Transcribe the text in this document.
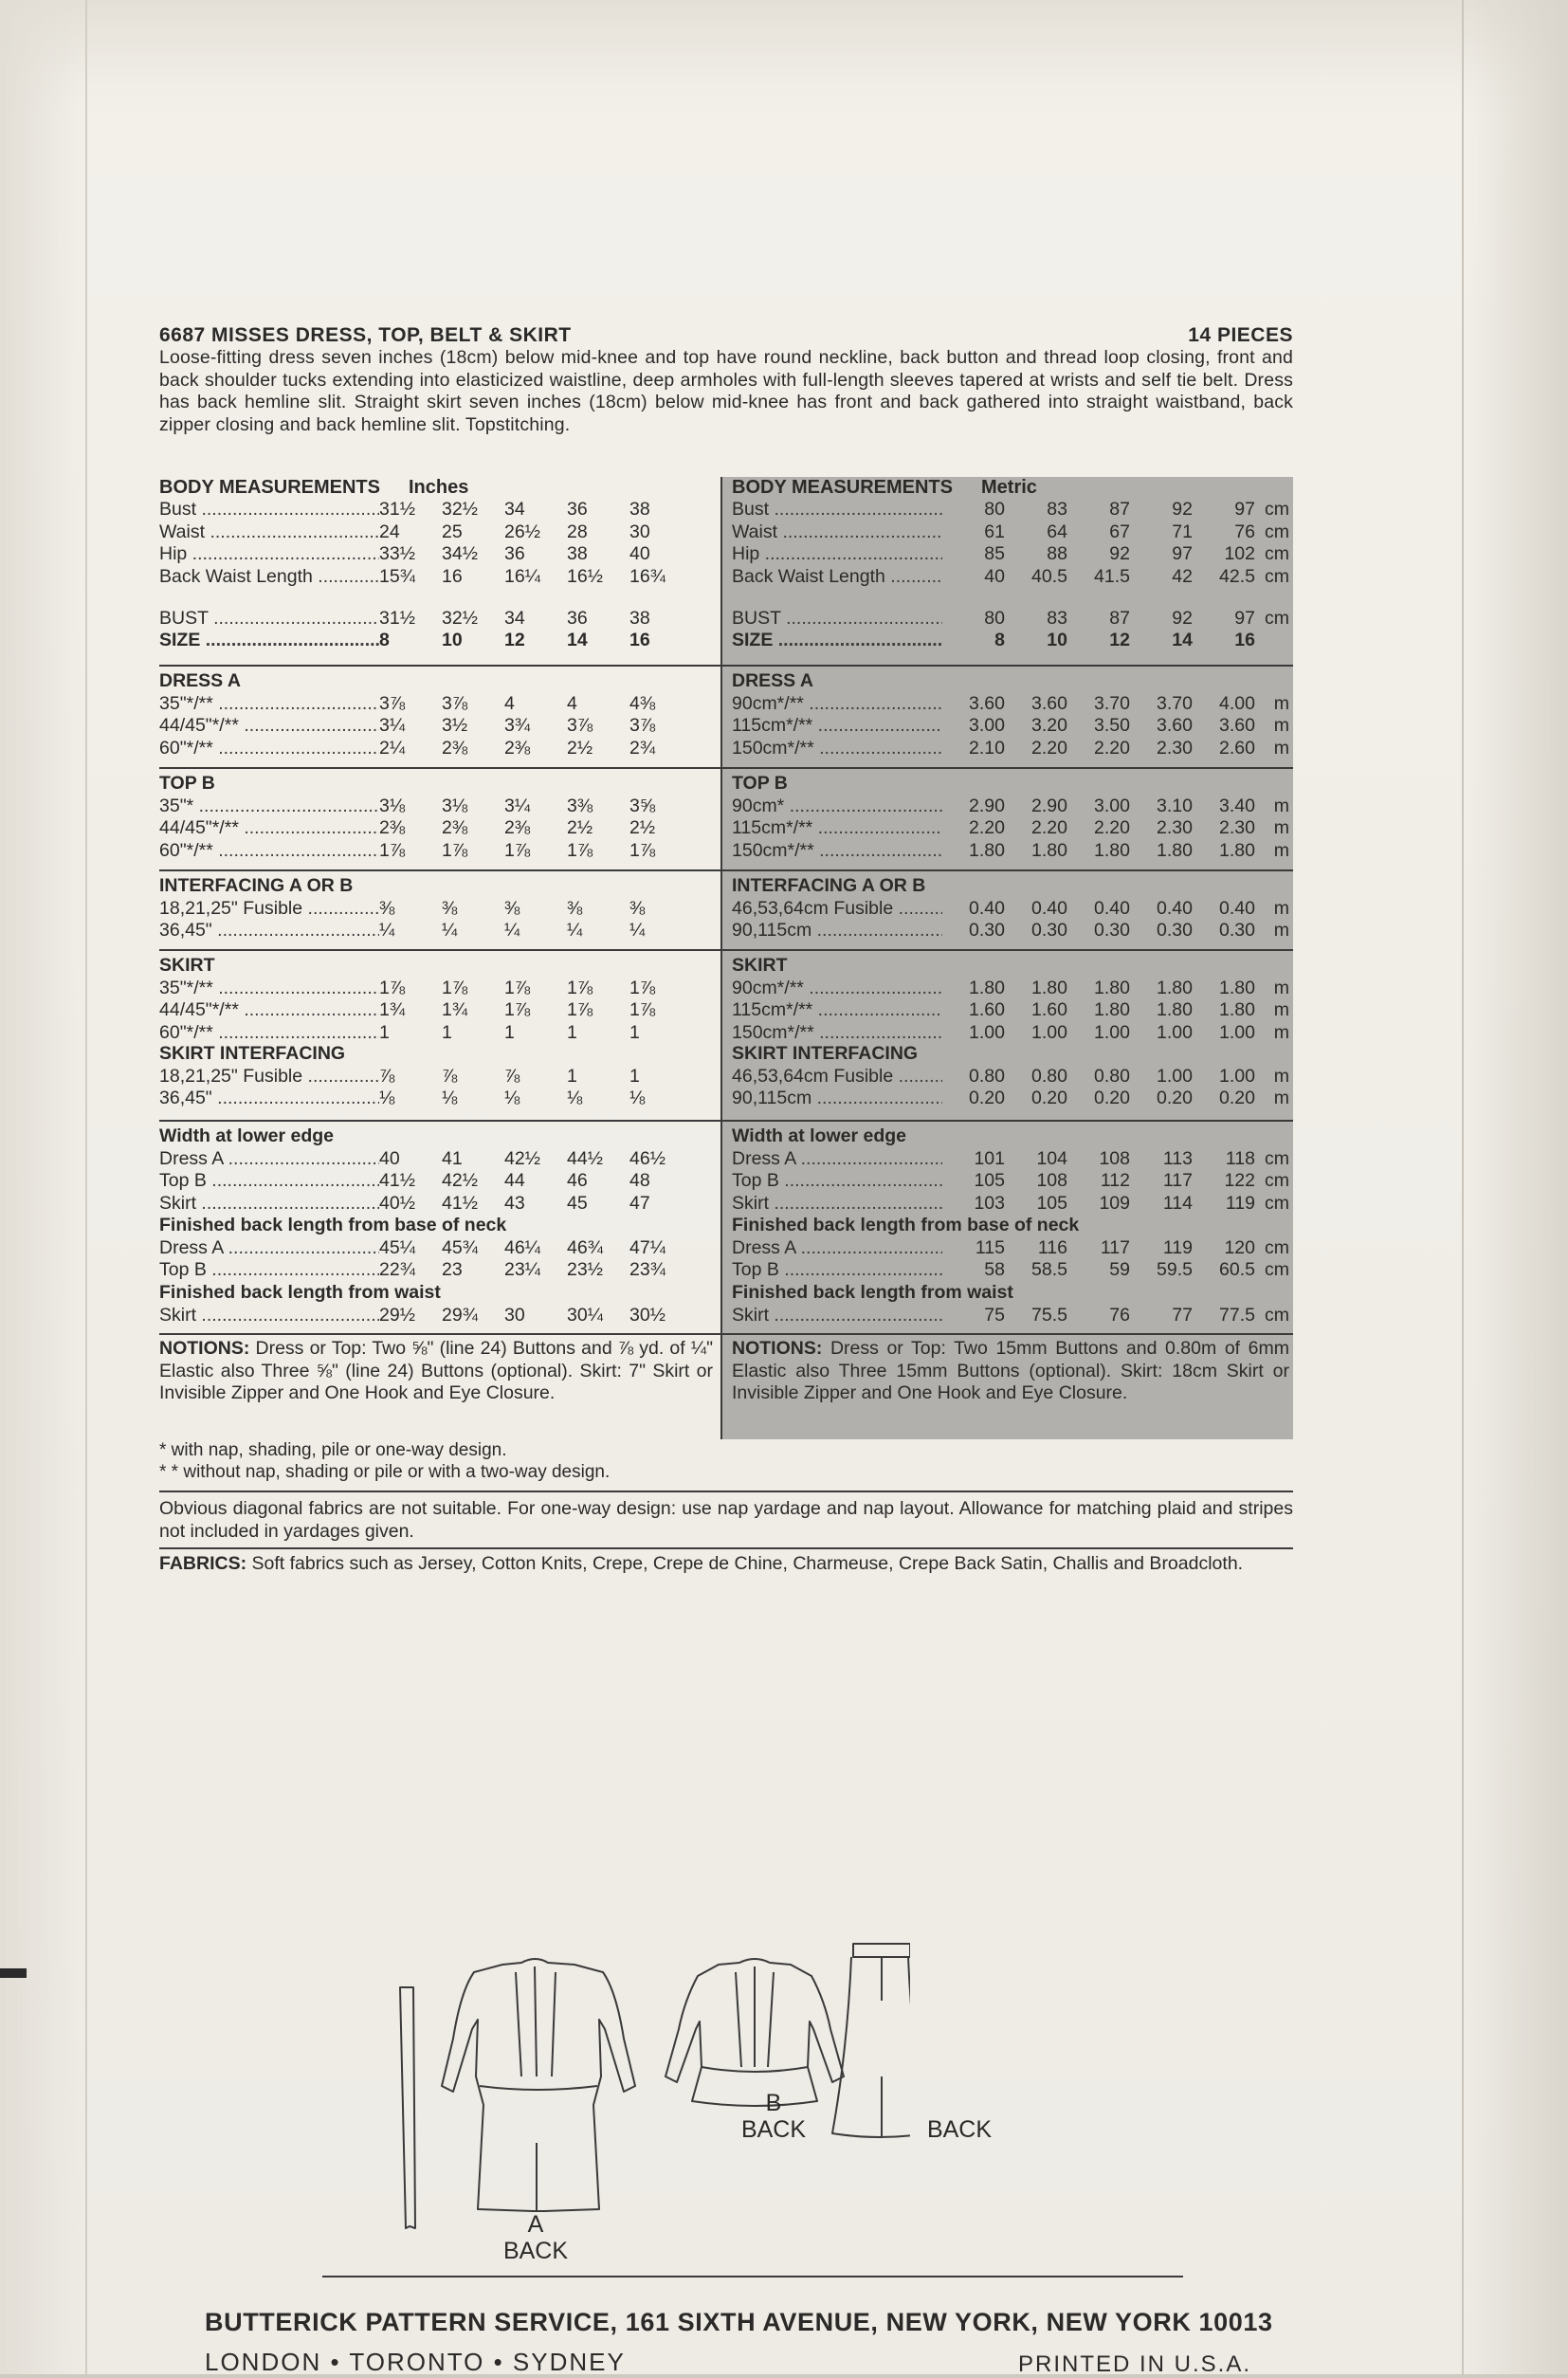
6687 MISSES DRESS, TOP, BELT & SKIRT	14 PIECES
Loose-fitting dress seven inches (18cm) below mid-knee and top have round neckline, back button and thread loop closing, front and back shoulder tucks extending into elasticized waistline, deep armholes with full-length sleeves tapered at wrists and self tie belt. Dress has back hemline slit. Straight skirt seven inches (18cm) below mid-knee has front and back gathered into straight waistband, back zipper closing and back hemline slit. Topstitching.
BODY MEASUREMENTS Inches
Bust .....	31½	32½	34	36	38
Waist .....	24	25	26½	28	30
Hip .....	33½	34½	36	38	40
Back Waist Length .....	15¾	16	16¼	16½	16¾
BUST .....	31½	32½	34	36	38
SIZE .....	8	10	12	14	16
DRESS A
35"*/** .....	3⅞	3⅞	4	4	4⅜
44/45"*/** .....	3¼	3½	3¾	3⅞	3⅞
60"*/** .....	2¼	2⅜	2⅜	2½	2¾
TOP B
35"* .....	3⅛	3⅛	3¼	3⅜	3⅝
44/45"*/** .....	2⅜	2⅜	2⅜	2½	2½
60"*/** .....	1⅞	1⅞	1⅞	1⅞	1⅞
INTERFACING A OR B
18,21,25" Fusible .....	⅜	⅜	⅜	⅜	⅜
36,45" .....	¼	¼	¼	¼	¼
SKIRT
35"*/** .....	1⅞	1⅞	1⅞	1⅞	1⅞
44/45"*/** .....	1¾	1¾	1⅞	1⅞	1⅞
60"*/** .....	1	1	1	1	1
SKIRT INTERFACING
18,21,25" Fusible .....	⅞	⅞	⅞	1	1
36,45" .....	⅛	⅛	⅛	⅛	⅛
Width at lower edge
Dress A .....	40	41	42½	44½	46½
Top B .....	41½	42½	44	46	48
Skirt .....	40½	41½	43	45	47
Finished back length from base of neck
Dress A .....	45¼	45¾	46¼	46¾	47¼
Top B .....	22¾	23	23¼	23½	23¾
Finished back length from waist
Skirt .....	29½	29¾	30	30¼	30½
BODY MEASUREMENTS Metric
Bust .....	80	83	87	92	97 cm
Waist .....	61	64	67	71	76 cm
Hip .....	85	88	92	97	102 cm
Back Waist Length .....	40	40.5	41.5	42	42.5 cm
BUST .....	80	83	87	92	97 cm
SIZE .....	8	10	12	14	16
DRESS A
90cm*/** .....	3.60	3.60	3.70	3.70	4.00	m
115cm*/** .....	3.00	3.20	3.50	3.60	3.60	m
150cm*/** .....	2.10	2.20	2.20	2.30	2.60	m
TOP B
90cm* .....	2.90	2.90	3.00	3.10	3.40	m
115cm*/** .....	2.20	2.20	2.20	2.30	2.30	m
150cm*/** .....	1.80	1.80	1.80	1.80	1.80	m
INTERFACING A OR B
46,53,64cm Fusible .....	0.40	0.40	0.40	0.40	0.40	m
90,115cm .....	0.30	0.30	0.30	0.30	0.30	m
SKIRT
90cm*/** .....	1.80	1.80	1.80	1.80	1.80	m
115cm*/** .....	1.60	1.60	1.80	1.80	1.80	m
150cm*/** .....	1.00	1.00	1.00	1.00	1.00	m
SKIRT INTERFACING
46,53,64cm Fusible .....	0.80	0.80	0.80	1.00	1.00	m
90,115cm .....	0.20	0.20	0.20	0.20	0.20	m
Width at lower edge
Dress A .....	101	104	108	113	118 cm
Top B .....	105	108	112	117	122 cm
Skirt .....	103	105	109	114	119 cm
Finished back length from base of neck
Dress A .....	115	116	117	119	120 cm
Top B .....	58	58.5	59	59.5	60.5 cm
Finished back length from waist
Skirt .....	75	75.5	76	77	77.5 cm
NOTIONS: Dress or Top: Two ⅝" (line 24) Buttons and ⅞ yd. of ¼" Elastic also Three ⅝" (line 24) Buttons (optional). Skirt: 7" Skirt or Invisible Zipper and One Hook and Eye Closure.
NOTIONS: Dress or Top: Two 15mm Buttons and 0.80m of 6mm Elastic also Three 15mm Buttons (optional). Skirt: 18cm Skirt or Invisible Zipper and One Hook and Eye Closure.
* with nap, shading, pile or one-way design.
* * without nap, shading or pile or with a two-way design.
Obvious diagonal fabrics are not suitable. For one-way design: use nap yardage and nap layout. Allowance for matching plaid and stripes not included in yardages given.
FABRICS: Soft fabrics such as Jersey, Cotton Knits, Crepe, Crepe de Chine, Charmeuse, Crepe Back Satin, Challis and Broadcloth.
A
BACK
B
BACK	BACK
BUTTERICK PATTERN SERVICE, 161 SIXTH AVENUE, NEW YORK, NEW YORK 10013
LONDON • TORONTO • SYDNEY	PRINTED IN U.S.A.
